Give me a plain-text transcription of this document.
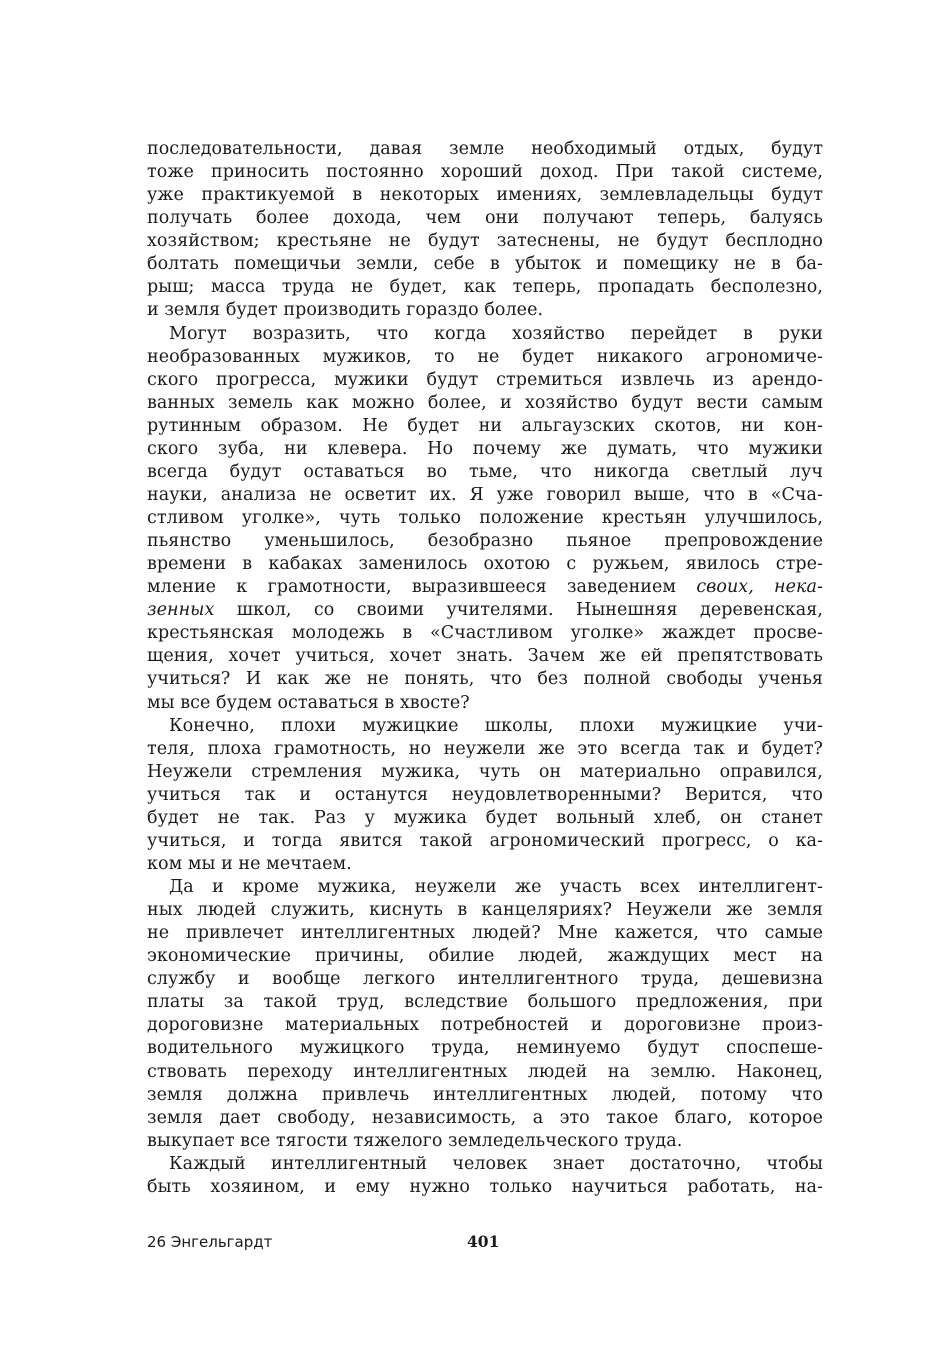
последовательности, давая земле необходимый отдых, будут
тоже приносить постоянно хороший доход. При такой системе,
уже практикуемой в некоторых имениях, землевладельцы будут
получать более дохода, чем они получают теперь, балуясь
хозяйством; крестьяне не будут затеснены, не будут бесплодно
болтать помещичьи земли, себе в убыток и помещику не в ба-
рыш; масса труда не будет, как теперь, пропадать бесполезно,
и земля будет производить гораздо более.
Могут возразить, что когда хозяйство перейдет в руки
необразованных мужиков, то не будет никакого агрономиче-
ского прогресса, мужики будут стремиться извлечь из арендо-
ванных земель как можно более, и хозяйство будут вести самым
рутинным образом. Не будет ни альгаузских скотов, ни кон-
ского зуба, ни клевера. Но почему же думать, что мужики
всегда будут оставаться во тьме, что никогда светлый луч
науки, анализа не осветит их. Я уже говорил выше, что в «Сча-
стливом уголке», чуть только положение крестьян улучшилось,
пьянство уменьшилось, безобразно пьяное препровождение
времени в кабаках заменилось охотою с ружьем, явилось стре-
мление к грамотности, выразившееся заведением своих, нека-
зенных школ, со своими учителями. Нынешняя деревенская,
крестьянская молодежь в «Счастливом уголке» жаждет просве-
щения, хочет учиться, хочет знать. Зачем же ей препятствовать
учиться? И как же не понять, что без полной свободы ученья
мы все будем оставаться в хвосте?
Конечно, плохи мужицкие школы, плохи мужицкие учи-
теля, плоха грамотность, но неужели же это всегда так и будет?
Неужели стремления мужика, чуть он материально оправился,
учиться так и останутся неудовлетворенными? Верится, что
будет не так. Раз у мужика будет вольный хлеб, он станет
учиться, и тогда явится такой агрономический прогресс, о ка-
ком мы и не мечтаем.
Да и кроме мужика, неужели же участь всех интеллигент-
ных людей служить, киснуть в канцеляриях? Неужели же земля
не привлечет интеллигентных людей? Мне кажется, что самые
экономические причины, обилие людей, жаждущих мест на
службу и вообще легкого интеллигентного труда, дешевизна
платы за такой труд, вследствие большого предложения, при
дороговизне материальных потребностей и дороговизне произ-
водительного мужицкого труда, неминуемо будут споспеше-
ствовать переходу интеллигентных людей на землю. Наконец,
земля должна привлечь интеллигентных людей, потому что
земля дает свободу, независимость, а это такое благо, которое
выкупает все тягости тяжелого земледельческого труда.
Каждый интеллигентный человек знает достаточно, чтобы
быть хозяином, и ему нужно только научиться работать, на-
26 Энгельгардт	401
